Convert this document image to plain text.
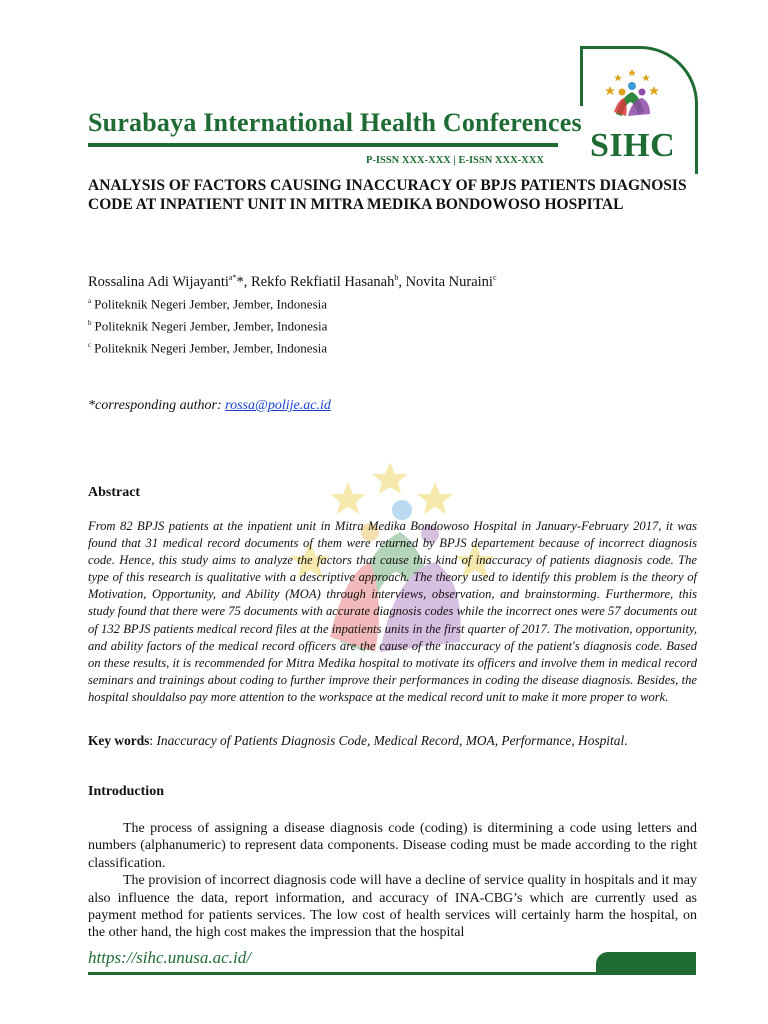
Surabaya International Health Conferences
P-ISSN XXX-XXX | E-ISSN XXX-XXX SIHC
ANALYSIS OF FACTORS CAUSING INACCURACY OF BPJS PATIENTS DIAGNOSIS CODE AT INPATIENT UNIT IN MITRA MEDIKA BONDOWOSO HOSPITAL
Rossalina Adi Wijayanti$^{a*}$*, Rekfo Rekfiatil Hasanah$^b$, Novita Nuraini$^c$
$^a$ Politeknik Negeri Jember, Jember, Indonesia
$^b$ Politeknik Negeri Jember, Jember, Indonesia
$^c$ Politeknik Negeri Jember, Jember, Indonesia
*corresponding author: rossa@polije.ac.id
Abstract

From 82 BPJS patients at the inpatient unit in Mitra Medika Bondowoso Hospital in January-February 2017, it was found that 31 medical record documents of them were returned by BPJS departement because of incorrect diagnosis code. Hence, this study aims to analyze the factors that cause this kind of inaccuracy of patients diagnosis code. The type of this research is qualitative with a descriptive approach. The theory used to identify this problem is the theory of Motivation, Opportunity, and Ability (MOA) through interviews, observation, and brainstorming. Furthermore, this study found that there were 75 documents with accurate diagnosis codes while the incorrect ones were 57 documents out of 132 BPJS patients medical record files at the inpatients units in the first quarter of 2017. The motivation, opportunity, and ability factors of the medical record officers are the cause of the inaccuracy of the patient's diagnosis code. Based on these results, it is recommended for Mitra Medika hospital to motivate its officers and involve them in medical record seminars and trainings about coding to further improve their performances in coding the disease diagnosis. Besides, the hospital shouldalso pay more attention to the workspace at the medical record unit to make it more proper to work.

Key words: Inaccuracy of Patients Diagnosis Code, Medical Record, MOA, Performance, Hospital.

Introduction

The process of assigning a disease diagnosis code (coding) is ditermining a code using letters and numbers (alphanumeric) to represent data components. Disease coding must be made according to the right classification.

The provision of incorrect diagnosis code will have a decline of service quality in hospitals and it may also influence the data, report information, and accuracy of INA-CBG’s which are currently used as payment method for patients services. The low cost of health services will certainly harm the hospital, on the other hand, the high cost makes the impression that the hospital

https://sihc.unusa.ac.id/
